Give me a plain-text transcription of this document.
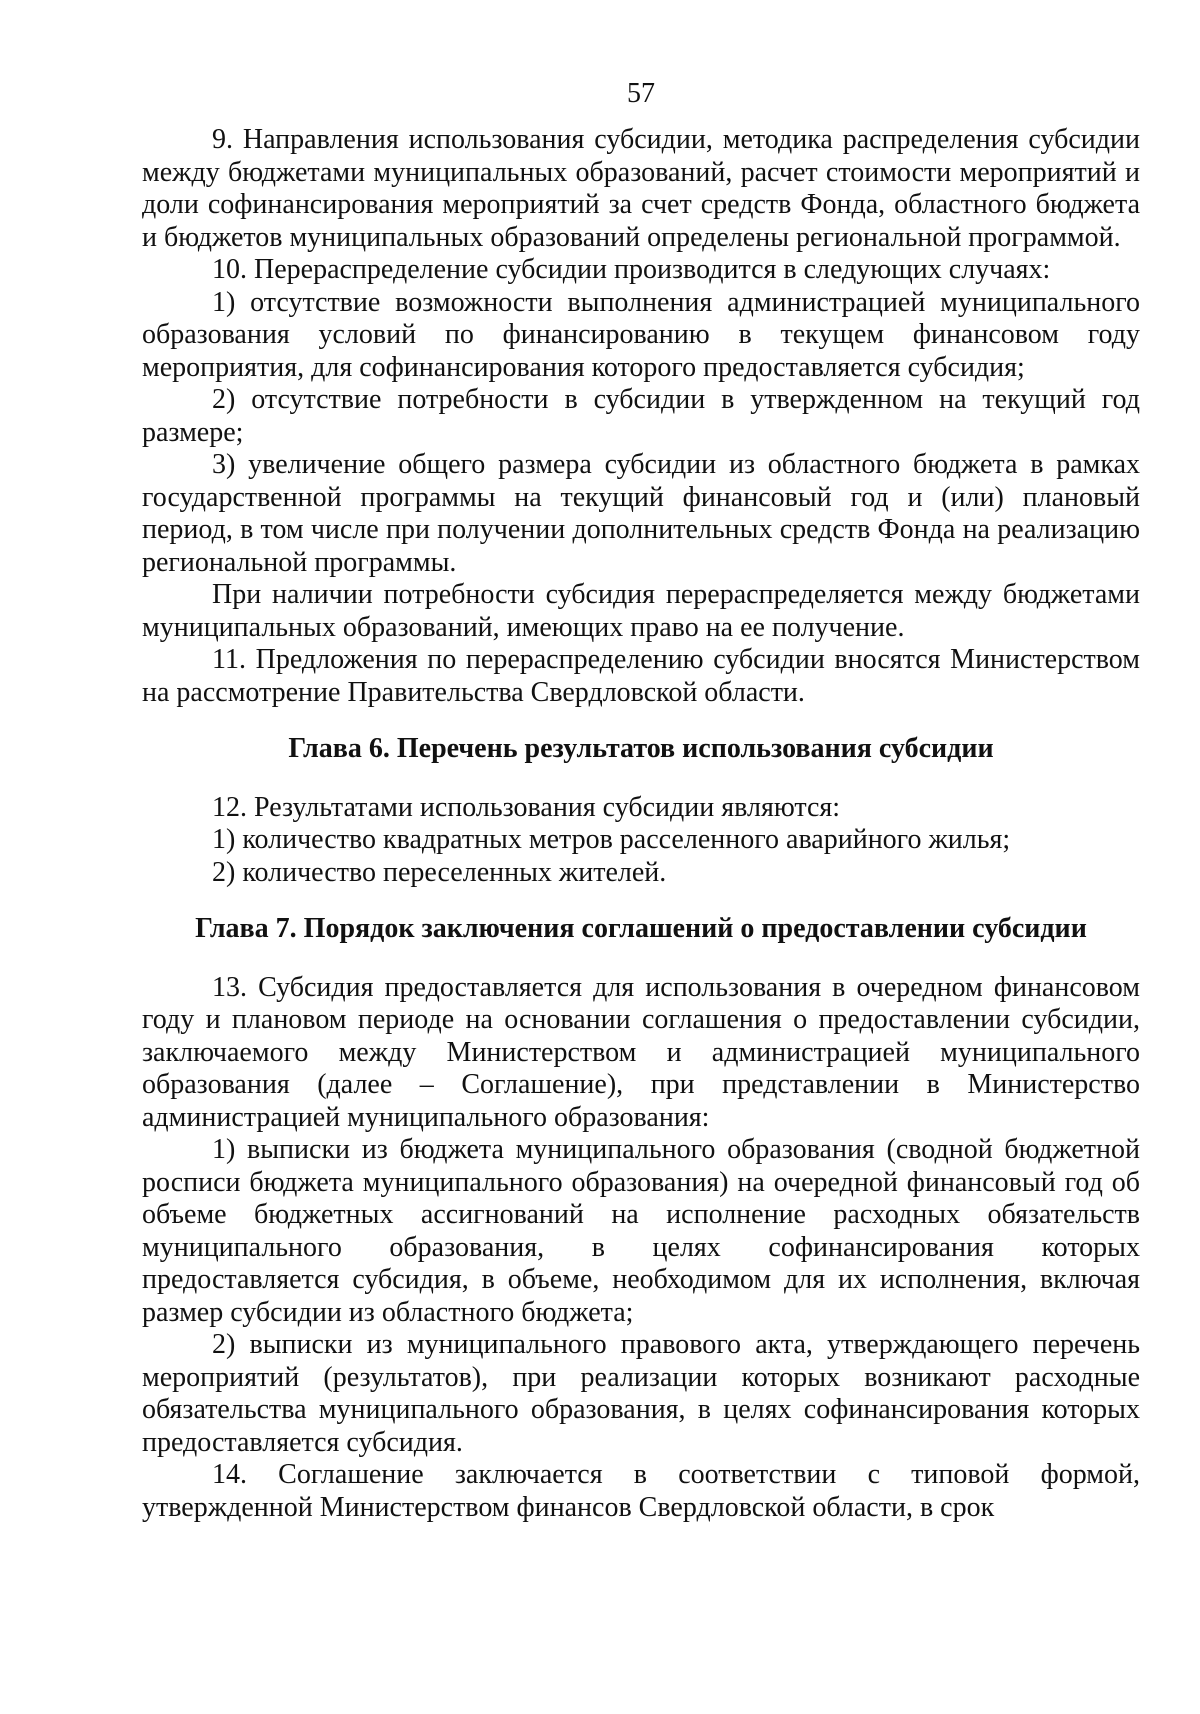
57

9. Направления использования субсидии, методика распределения субсидии между бюджетами муниципальных образований, расчет стоимости мероприятий и доли софинансирования мероприятий за счет средств Фонда, областного бюджета и бюджетов муниципальных образований определены региональной программой.

10. Перераспределение субсидии производится в следующих случаях:

1) отсутствие возможности выполнения администрацией муниципального образования условий по финансированию в текущем финансовом году мероприятия, для софинансирования которого предоставляется субсидия;

2) отсутствие потребности в субсидии в утвержденном на текущий год размере;

3) увеличение общего размера субсидии из областного бюджета в рамках государственной программы на текущий финансовый год и (или) плановый период, в том числе при получении дополнительных средств Фонда на реализацию региональной программы.

При наличии потребности субсидия перераспределяется между бюджетами муниципальных образований, имеющих право на ее получение.

11. Предложения по перераспределению субсидии вносятся Министерством на рассмотрение Правительства Свердловской области.

Глава 6. Перечень результатов использования субсидии

12. Результатами использования субсидии являются:

1) количество квадратных метров расселенного аварийного жилья;

2) количество переселенных жителей.

Глава 7. Порядок заключения соглашений о предоставлении субсидии

13. Субсидия предоставляется для использования в очередном финансовом году и плановом периоде на основании соглашения о предоставлении субсидии, заключаемого между Министерством и администрацией муниципального образования (далее – Соглашение), при представлении в Министерство администрацией муниципального образования:

1) выписки из бюджета муниципального образования (сводной бюджетной росписи бюджета муниципального образования) на очередной финансовый год об объеме бюджетных ассигнований на исполнение расходных обязательств муниципального образования, в целях софинансирования которых предоставляется субсидия, в объеме, необходимом для их исполнения, включая размер субсидии из областного бюджета;

2) выписки из муниципального правового акта, утверждающего перечень мероприятий (результатов), при реализации которых возникают расходные обязательства муниципального образования, в целях софинансирования которых предоставляется субсидия.

14. Соглашение заключается в соответствии с типовой формой, утвержденной Министерством финансов Свердловской области, в срок
